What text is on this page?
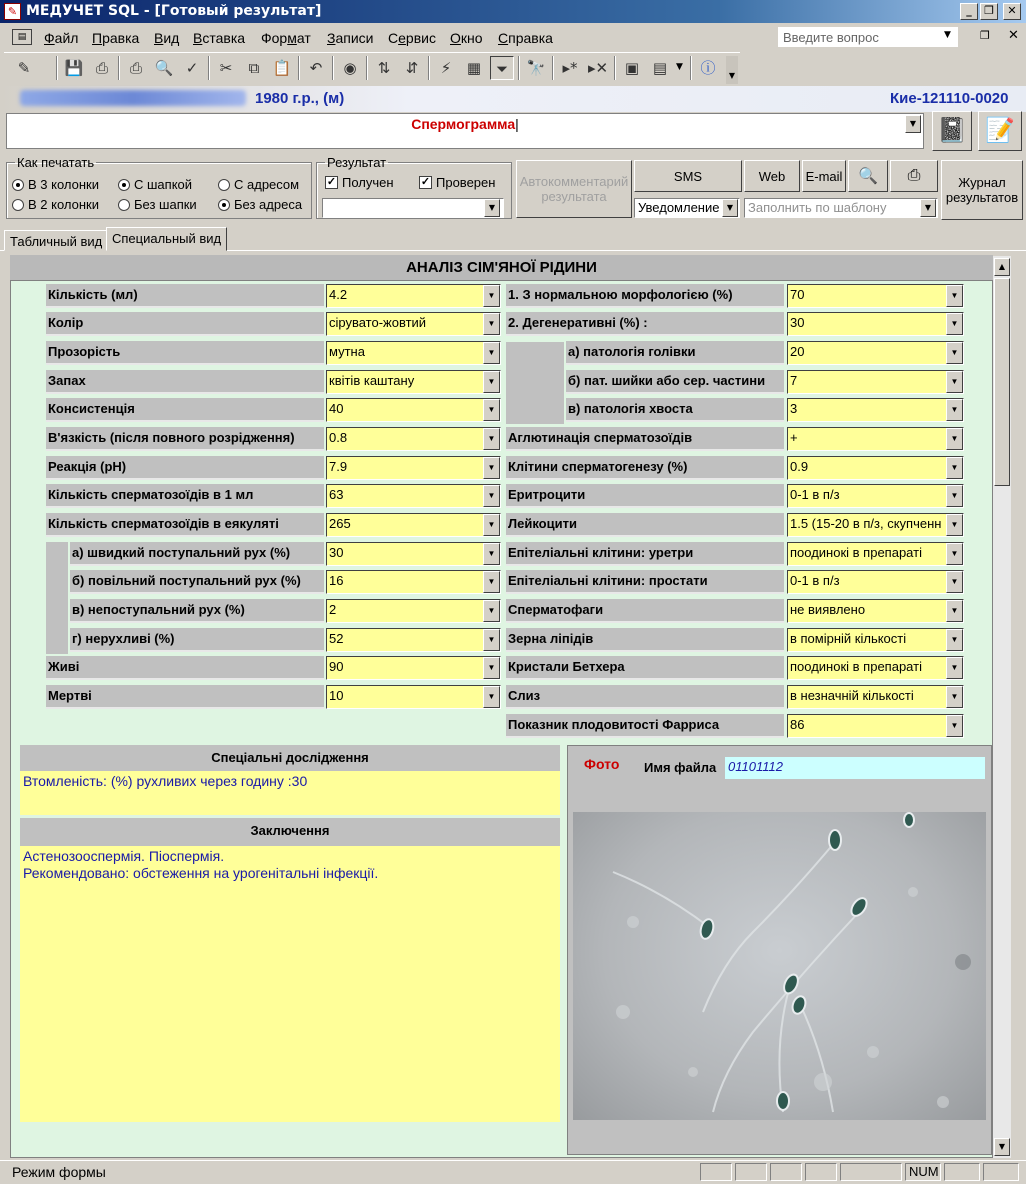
МЕДУЧЕТ SQL - [Готовый результат]
✎	_	❐	✕
▤	Файл Правка Вид Вставка Формат Записи Сервис Окно Справка	Введите вопрос	▼	❐ ✕
✎	💾 ⎙	⎙ 🔍 ✓	✂	⧉ 📋	↶	◉	⇅	⇵	⚡	▦ ⏷	🔭 ▸* ▸✕	▣ ▤ ▼ ⓘ	▼
1980 г.р., (м)	Кие-121110-0020
Спермограмма|	▼ 📓 📝
Как печатать
В 3 колонки
В 2 колонки
С шапкой
Без шапки
С адресом
Без адреса
Результат
✓ Получен ✓ Проверен
▼
Автокомментарий результата
SMS	Web E-mail 🔍	⎙	Журнал результатов
Уведомление ▼	Заполнить по шаблону	▼
Табличный вид Специальный вид
АНАЛІЗ СІМ'ЯНОЇ РІДИНИ
Кількість (мл)	4.2	▼
Колір	сірувато-жовтий	▼
Прозорість	мутна	▼
Запах	квітів каштану	▼
Консистенція	40	▼
В'язкість (після повного розрідження)	0.8	▼
Реакція (pH)	7.9	▼
Кількість сперматозоїдів в 1 мл	63	▼
Кількість сперматозоїдів в еякуляті	265	▼
а) швидкий поступальний рух (%)	30	▼
б) повільний поступальний рух (%)	16	▼
в) непоступальний рух (%)	2	▼
г) нерухливі (%)	52	▼
Живі	90	▼
Мертві	10	▼
1. З нормальною морфологією (%)	70	▼
2. Дегенеративні (%) :	30	▼
а) патологія голівки	20	▼
б) пат. шийки або сер. частини	7	▼
в) патологія хвоста	3	▼
Аглютинація сперматозоїдів	+	▼
Клітини сперматогенезу (%)	0.9	▼
Еритроцити	0-1 в п/з	▼
Лейкоцити	1.5 (15-20 в п/з, скупченн	▼
Епітеліальні клітини: уретри	поодинокі в препараті	▼
Епітеліальні клітини: простати	0-1 в п/з	▼
Сперматофаги	не виявлено	▼
Зерна ліпідів	в помірній кількості	▼
Кристали Бетхера	поодинокі в препараті	▼
Слиз	в незначній кількості	▼
Показник плодовитості Фарриса	86	▼
Спеціальні дослідження
Втомленість: (%) рухливих через годину :30
Заключення
Астенозооспермія. Піоспермія.
Рекомендовано: обстеження на урогенітальні інфекції.
Фото Имя файла 01101112
▲
▼
Режим формы	NUM
